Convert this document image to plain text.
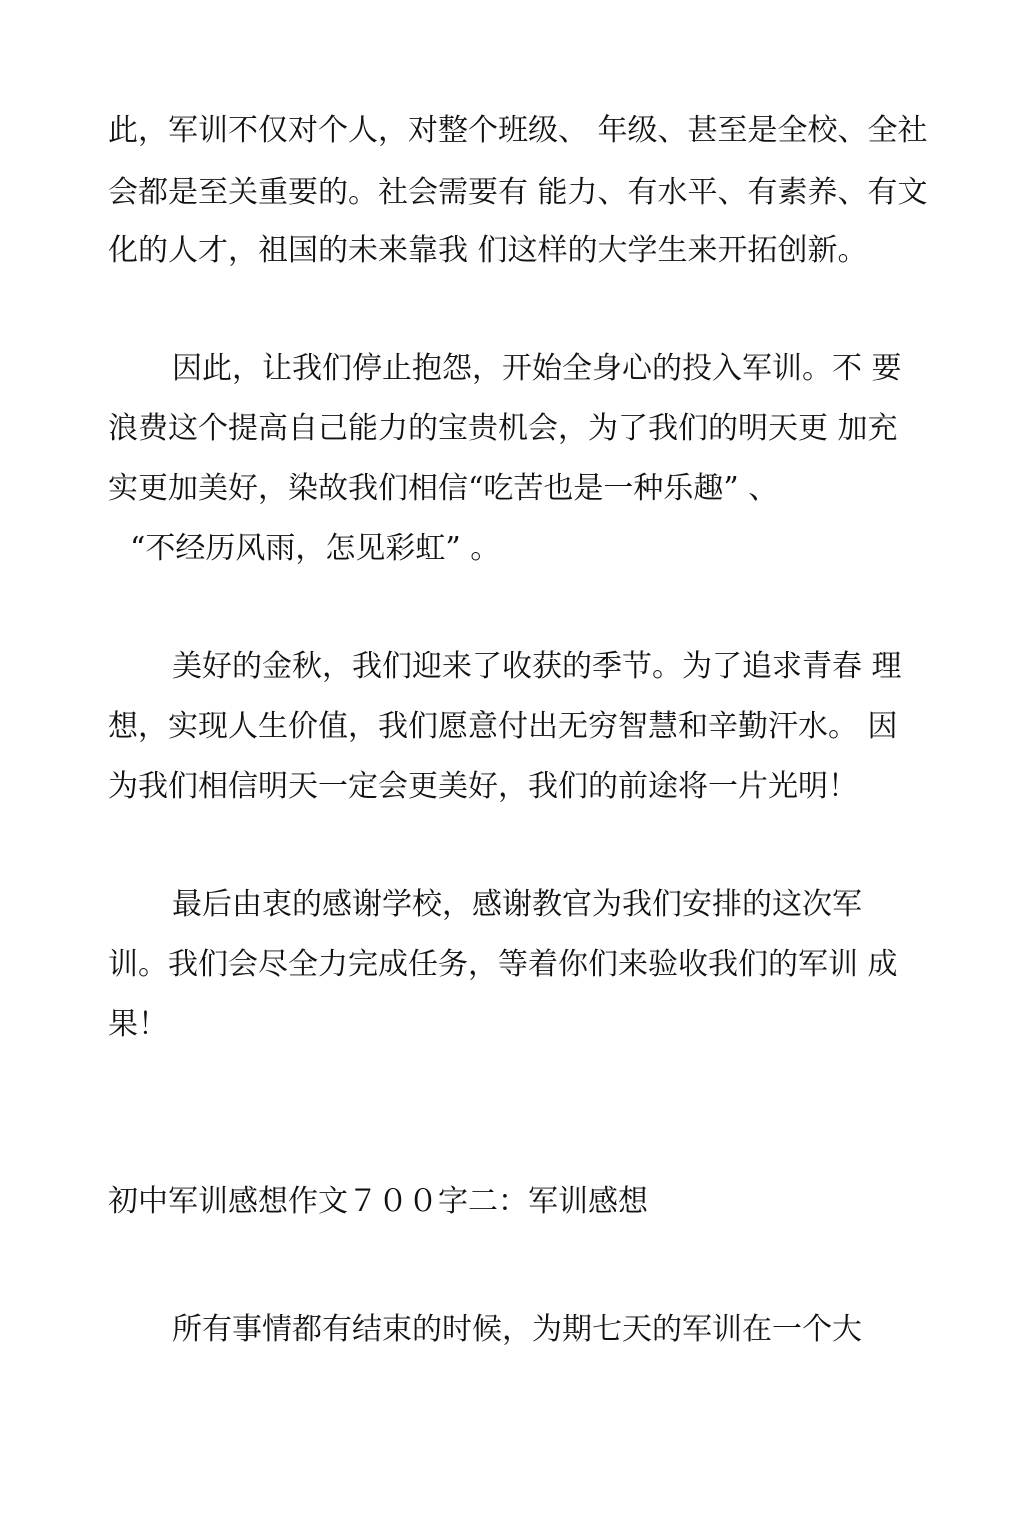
此，军训不仅对个人，对整个班级、 年级、甚至是全校、全社
会都是至关重要的。社会需要有 能力、有水平、有素养、有文
化的人才，祖国的未来靠我 们这样的大学生来开拓创新。
因此，让我们停止抱怨，开始全身心的投入军训。不 要
浪费这个提高自己能力的宝贵机会，为了我们的明天更 加充
实更加美好，染故我们相信“吃苦也是一种乐趣” 、
“不经历风雨，怎见彩虹” 。
美好的金秋，我们迎来了收获的季节。为了追求青春 理
想，实现人生价值，我们愿意付出无穷智慧和辛勤汗水。 因
为我们相信明天一定会更美好，我们的前途将一片光明！
最后由衷的感谢学校，感谢教官为我们安排的这次军
训。我们会尽全力完成任务，等着你们来验收我们的军训 成
果！
初中军训感想作文７００字二：军训感想
所有事情都有结束的时候，为期七天的军训在一个大
